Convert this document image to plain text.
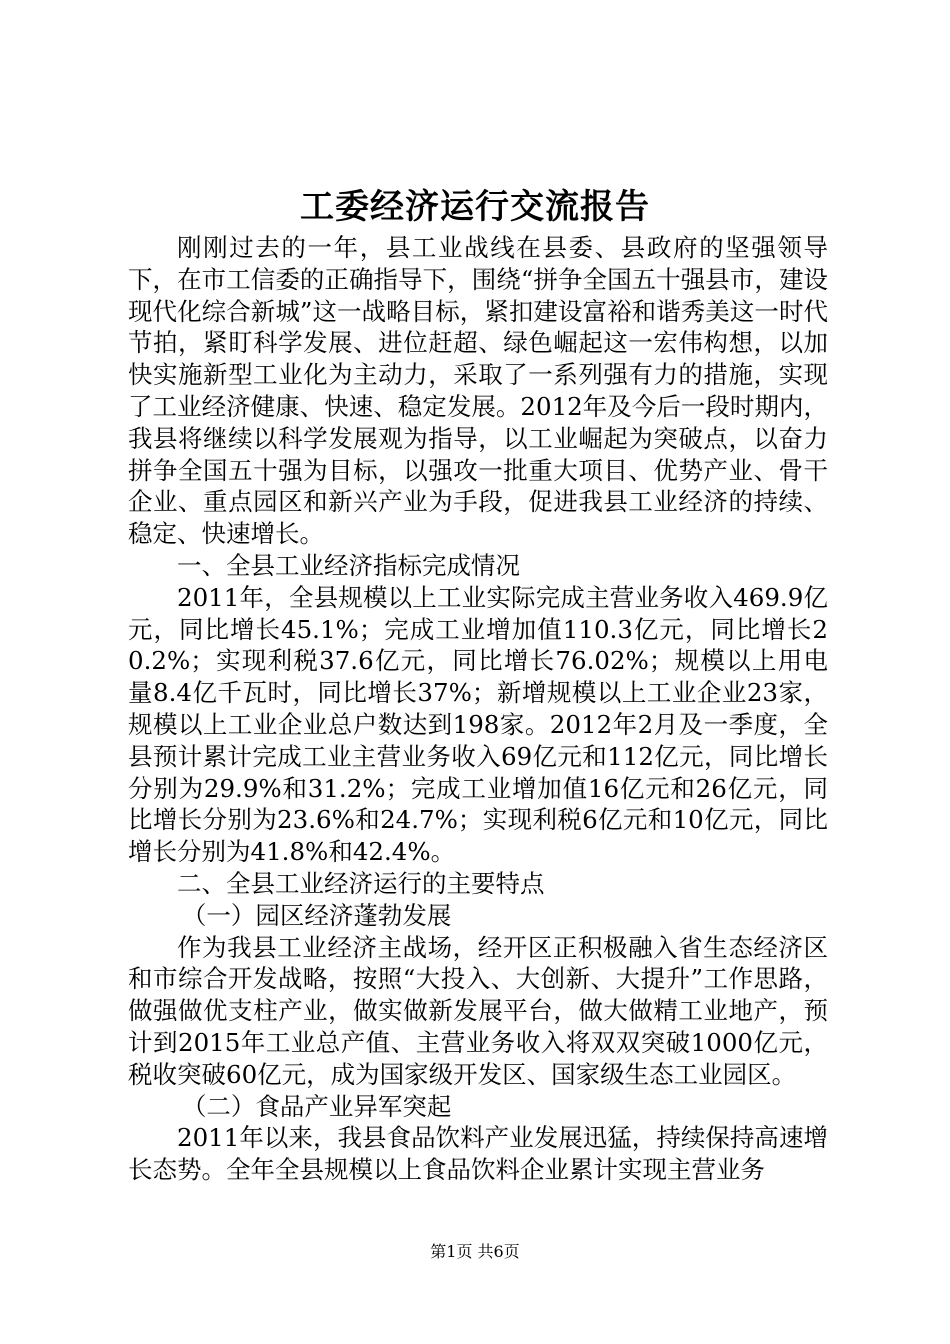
工委经济运行交流报告

刚刚过去的一年，县工业战线在县委、县政府的坚强领导下，在市工信委的正确指导下，围绕“拼争全国五十强县市，建设现代化综合新城”这一战略目标，紧扣建设富裕和谐秀美这一时代节拍，紧盯科学发展、进位赶超、绿色崛起这一宏伟构想，以加快实施新型工业化为主动力，采取了一系列强有力的措施，实现了工业经济健康、快速、稳定发展。2012年及今后一段时期内，我县将继续以科学发展观为指导，以工业崛起为突破点，以奋力拼争全国五十强为目标，以强攻一批重大项目、优势产业、骨干企业、重点园区和新兴产业为手段，促进我县工业经济的持续、稳定、快速增长。

一、全县工业经济指标完成情况

2011年，全县规模以上工业实际完成主营业务收入469.9亿元，同比增长45.1%；完成工业增加值110.3亿元，同比增长20.2%；实现利税37.6亿元，同比增长76.02%；规模以上用电量8.4亿千瓦时，同比增长37%；新增规模以上工业企业23家，规模以上工业企业总户数达到198家。2012年2月及一季度，全县预计累计完成工业主营业务收入69亿元和112亿元，同比增长分别为29.9%和31.2%；完成工业增加值16亿元和26亿元，同比增长分别为23.6%和24.7%；实现利税6亿元和10亿元，同比增长分别为41.8%和42.4%。

二、全县工业经济运行的主要特点

（一）园区经济蓬勃发展

作为我县工业经济主战场，经开区正积极融入省生态经济区和市综合开发战略，按照“大投入、大创新、大提升”工作思路，做强做优支柱产业，做实做新发展平台，做大做精工业地产，预计到2015年工业总产值、主营业务收入将双双突破1000亿元，税收突破60亿元，成为国家级开发区、国家级生态工业园区。

（二）食品产业异军突起

2011年以来，我县食品饮料产业发展迅猛，持续保持高速增长态势。全年全县规模以上食品饮料企业累计实现主营业务

第1页 共6页
